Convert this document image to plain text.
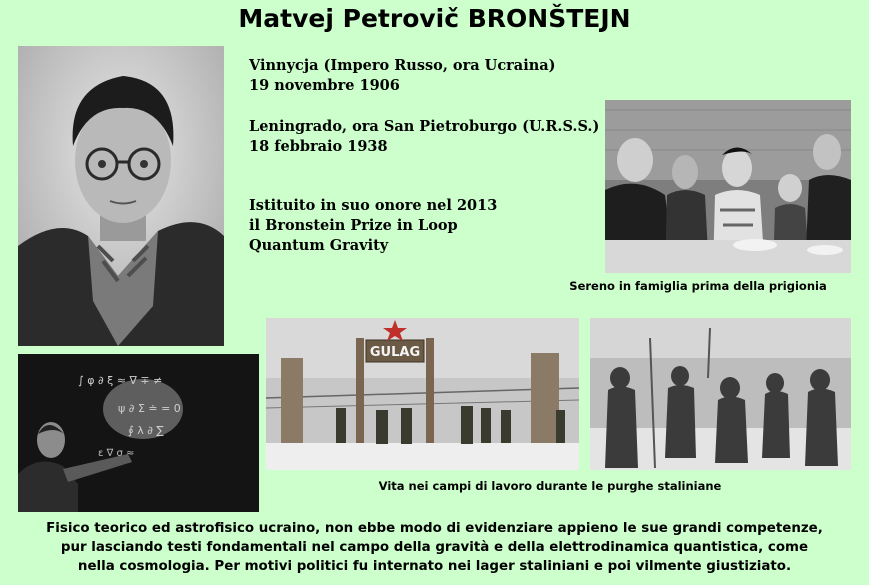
Matvej Petrovič BRONŠTEJN
∫ φ ∂ ξ ≈ ∇ ∓ ≠
ψ ∂ Σ ≐ = 0
∮ λ ∂ ∑
ε ∇ σ ≈
Vinnycja (Impero Russo, ora Ucraina)
19 novembre 1906
Leningrado, ora San Pietroburgo (U.R.S.S.)
18 febbraio 1938
Istituito in suo onore nel 2013
il Bronstein Prize in Loop
Quantum Gravity
Sereno in famiglia prima della prigionia
GULAG
Vita nei campi di lavoro durante le purghe staliniane
Fisico teorico ed astrofisico ucraino, non ebbe modo di evidenziare appieno le sue grandi competenze,
pur lasciando testi fondamentali nel campo della gravità e della elettrodinamica quantistica, come
nella cosmologia. Per motivi politici fu internato nei lager staliniani e poi vilmente giustiziato.
